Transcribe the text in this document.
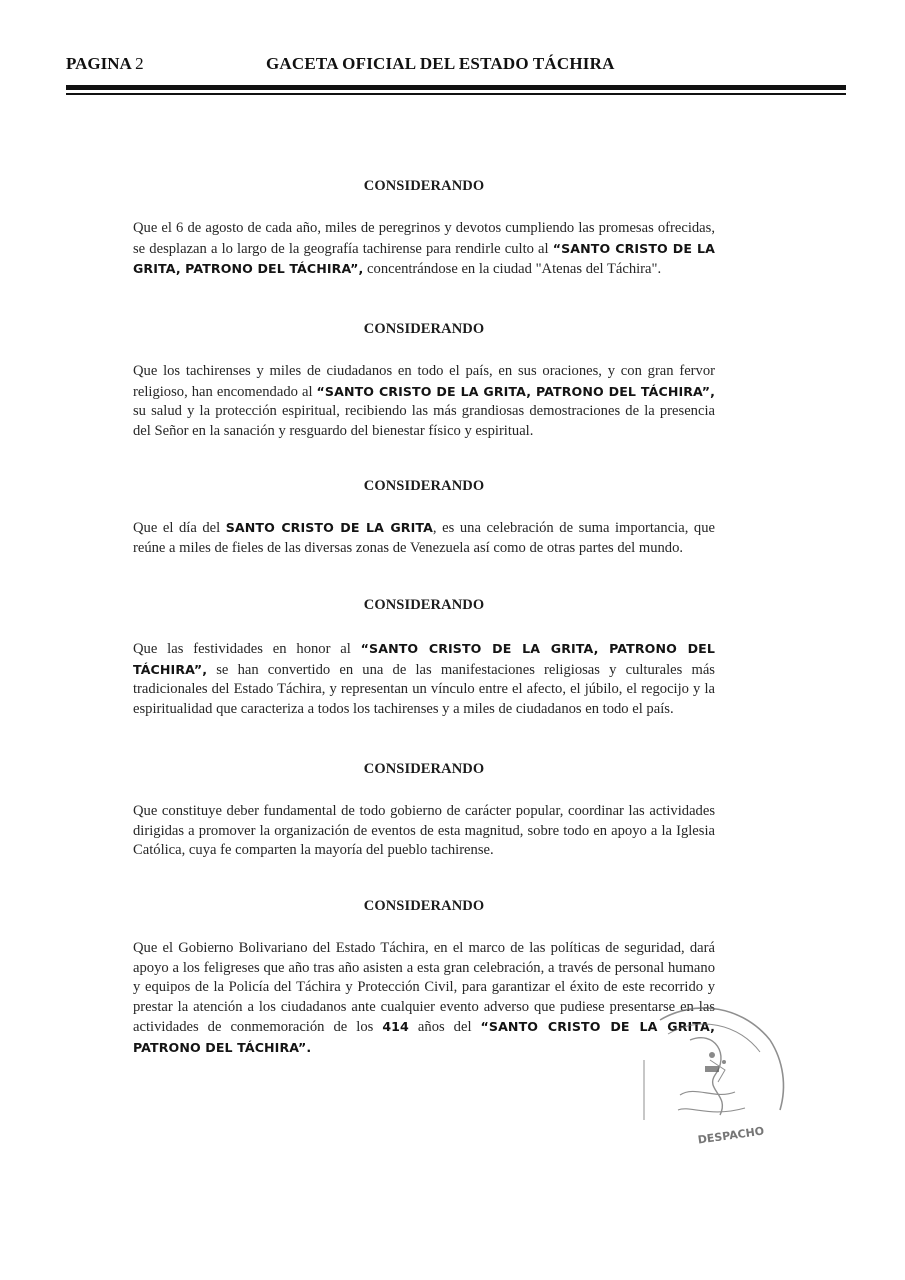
PAGINA 2	GACETA OFICIAL DEL ESTADO TÁCHIRA
CONSIDERANDO
Que el 6 de agosto de cada año, miles de peregrinos y devotos cumpliendo las promesas ofrecidas, se desplazan a lo largo de la geografía tachirense para rendirle culto al “SANTO CRISTO DE LA GRITA, PATRONO DEL TÁCHIRA”, concentrándose en la ciudad "Atenas del Táchira".
CONSIDERANDO
Que los tachirenses y miles de ciudadanos en todo el país, en sus oraciones, y con gran fervor religioso, han encomendado al “SANTO CRISTO DE LA GRITA, PATRONO DEL TÁCHIRA”, su salud y la protección espiritual, recibiendo las más grandiosas demostraciones de la presencia del Señor en la sanación y resguardo del bienestar físico y espiritual.
CONSIDERANDO
Que el día del SANTO CRISTO DE LA GRITA, es una celebración de suma importancia, que reúne a miles de fieles de las diversas zonas de Venezuela así como de otras partes del mundo.
CONSIDERANDO
Que las festividades en honor al “SANTO CRISTO DE LA GRITA, PATRONO DEL TÁCHIRA”, se han convertido en una de las manifestaciones religiosas y culturales más tradicionales del Estado Táchira, y representan un vínculo entre el afecto, el júbilo, el regocijo y la espiritualidad que caracteriza a todos los tachirenses y a miles de ciudadanos en todo el país.
CONSIDERANDO
Que constituye deber fundamental de todo gobierno de carácter popular, coordinar las actividades dirigidas a promover la organización de eventos de esta magnitud, sobre todo en apoyo a la Iglesia Católica, cuya fe comparten la mayoría del pueblo tachirense.
CONSIDERANDO
Que el Gobierno Bolivariano del Estado Táchira, en el marco de las políticas de seguridad, dará apoyo a los feligreses que año tras año asisten a esta gran celebración, a través de personal humano y equipos de la Policía del Táchira y Protección Civil, para garantizar el éxito de este recorrido y prestar la atención a los ciudadanos ante cualquier evento adverso que pudiese presentarse en las actividades de conmemoración de los 414 años del “SANTO CRISTO DE LA GRITA, PATRONO DEL TÁCHIRA”.
DESPACHO
